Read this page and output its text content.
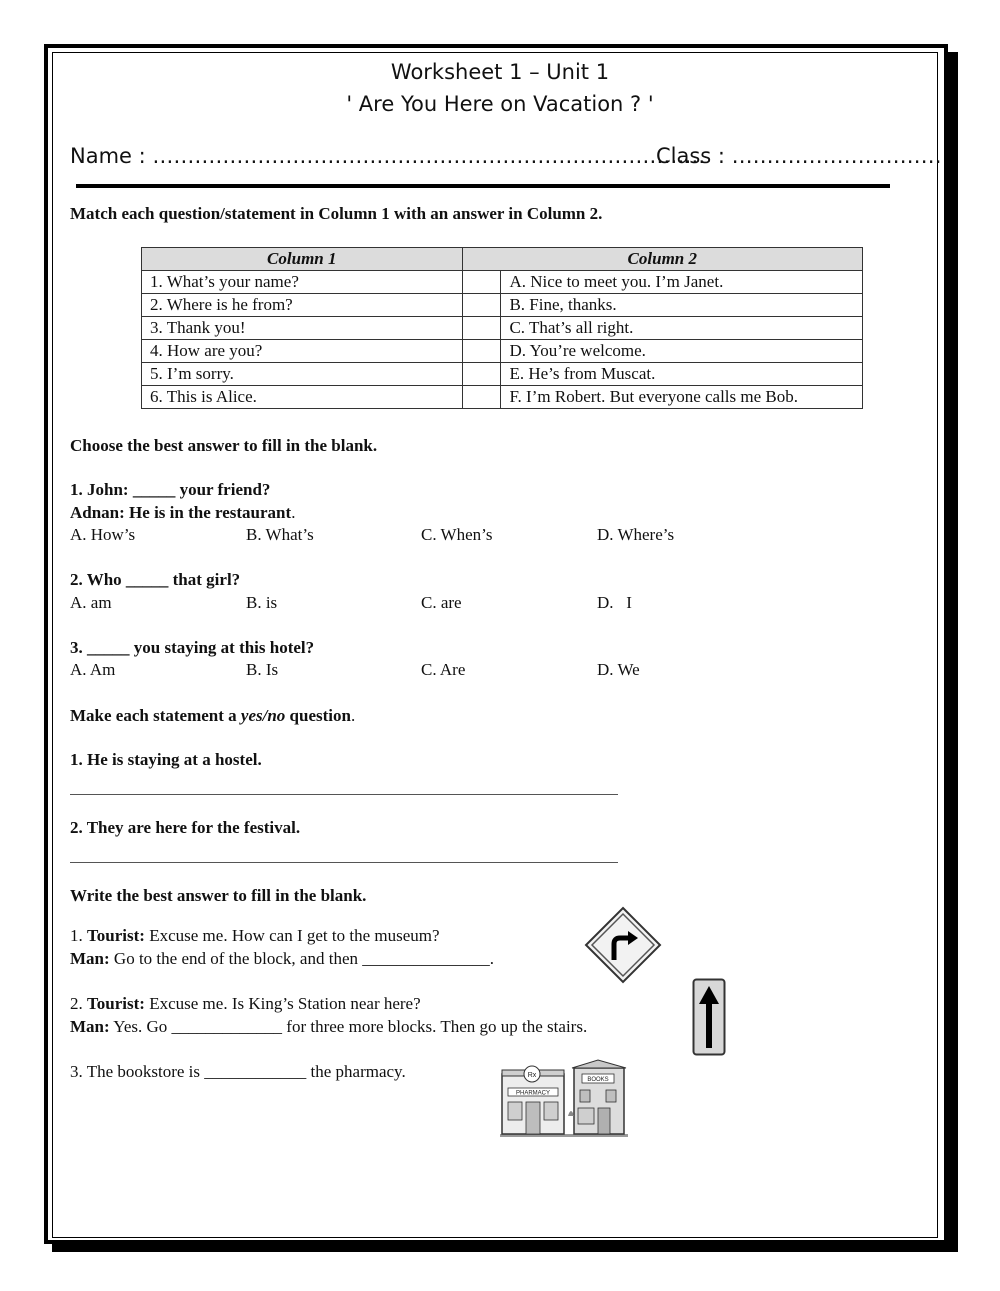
Worksheet 1 – Unit 1
' Are You Here on Vacation ? '
Name : …………………………………………………………………….
Class : …………………………
Match each question/statement in Column 1 with an answer in Column 2.
Column 1	Column 2	
1. What’s your name?		A. Nice to meet you. I’m Janet.
2. Where is he from?		B. Fine, thanks.
3. Thank you!		C. That’s all right.
4. How are you?		D. You’re welcome.
5. I’m sorry.		E. He’s from Muscat.
6. This is Alice.		F. I’m Robert. But everyone calls me Bob.
Choose the best answer to fill in the blank.
1. John: _____ your friend?
Adnan: He is in the restaurant.
A. How’s	B. What’s	C. When’s	D. Where’s
2. Who _____ that girl?
A. am	B. is	C. are	D.   I
3. _____ you staying at this hotel?
A. Am	B. Is	C. Are	D. We
Make each statement a yes/no question.
1. He is staying at a hostel.
2. They are here for the festival.
Write the best answer to fill in the blank.
1. Tourist: Excuse me. How can I get to the museum?
Man: Go to the end of the block, and then _______________.
2. Tourist: Excuse me. Is King’s Station near here?
Man: Yes. Go _____________ for three more blocks. Then go up the stairs.
3. The bookstore is ____________ the pharmacy.	Rx
PHARMACY
BOOKS
